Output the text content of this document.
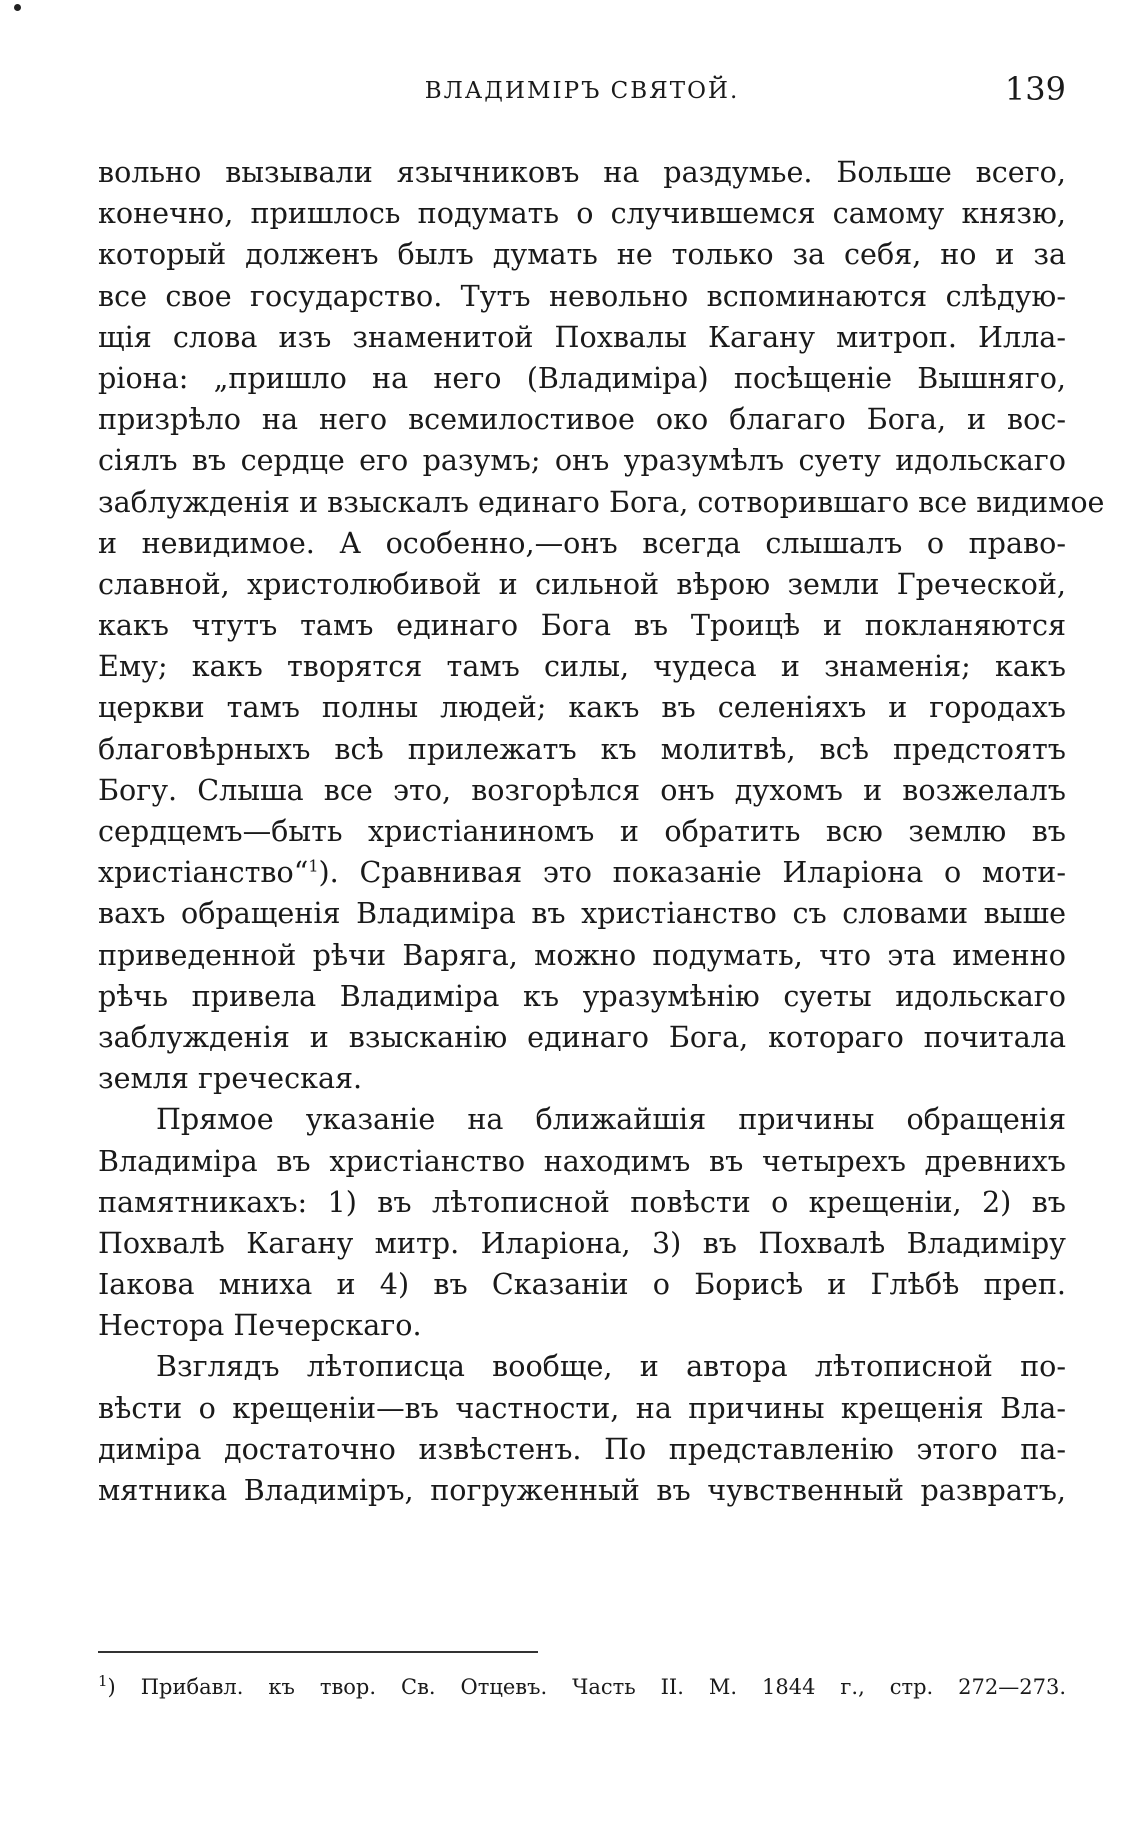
ВЛАДИМІРЪ СВЯТОЙ.	139
вольно вызывали язычниковъ на раздумье. Больше всего,
конечно, пришлось подумать о случившемся самому князю,
который долженъ былъ думать не только за себя, но и за
все свое государство. Тутъ невольно вспоминаются слѣдую-
щія слова изъ знаменитой Похвалы Кагану митроп. Илла-
ріона: „пришло на него (Владиміра) посѣщеніе Вышняго,
призрѣло на него всемилостивое око благаго Бога, и вос-
сіялъ въ сердце его разумъ; онъ уразумѣлъ суету идольскаго
заблужденія и взыскалъ единаго Бога, сотворившаго все видимое
и невидимое. А особенно,—онъ всегда слышалъ о право-
славной, христолюбивой и сильной вѣрою земли Греческой,
какъ чтутъ тамъ единаго Бога въ Троицѣ и покланяются
Ему; какъ творятся тамъ силы, чудеса и знаменія; какъ
церкви тамъ полны людей; какъ въ селеніяхъ и городахъ
благовѣрныхъ всѣ прилежатъ къ молитвѣ, всѣ предстоятъ
Богу. Слыша все это, возгорѣлся онъ духомъ и возжелалъ
сердцемъ—быть христіаниномъ и обратить всю землю въ
христіанство“$^1$). Сравнивая это показаніе Иларіона о моти-
вахъ обращенія Владиміра въ христіанство съ словами выше
приведенной рѣчи Варяга, можно подумать, что эта именно
рѣчь привела Владиміра къ уразумѣнію суеты идольскаго
заблужденія и взысканію единаго Бога, котораго почитала
земля греческая.
Прямое указаніе на ближайшія причины обращенія
Владиміра въ христіанство находимъ въ четырехъ древнихъ
памятникахъ: 1) въ лѣтописной повѣсти о крещеніи, 2) въ
Похвалѣ Кагану митр. Иларіона, 3) въ Похвалѣ Владиміру
Іакова мниха и 4) въ Сказаніи о Борисѣ и Глѣбѣ преп.
Нестора Печерскаго.
Взглядъ лѣтописца вообще, и автора лѣтописной по-
вѣсти о крещеніи—въ частности, на причины крещенія Вла-
диміра достаточно извѣстенъ. По представленію этого па-
мятника Владиміръ, погруженный въ чувственный развратъ,
$^1$) Прибавл. къ твор. Св. Отцевъ. Часть II. М. 1844 г., стр. 272—273.
